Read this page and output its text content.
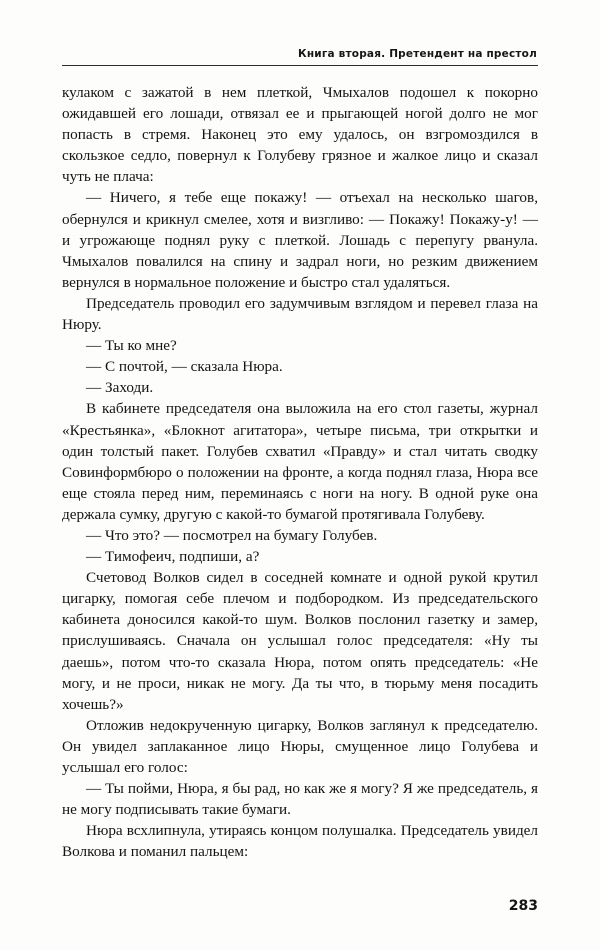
Книга вторая. Претендент на престол

кулаком с зажатой в нем плеткой, Чмыхалов подошел к покорно ожидавшей его лошади, отвязал ее и прыгающей ногой долго не мог попасть в стремя. Наконец это ему удалось, он взгромоздился в скользкое седло, повернул к Голубеву грязное и жалкое лицо и сказал чуть не плача:

— Ничего, я тебе еще покажу! — отъехал на несколько шагов, обернулся и крикнул смелее, хотя и визгливо: — Покажу! Покажу-у! — и угрожающе поднял руку с плеткой. Лошадь с перепугу рванула. Чмыхалов повалился на спину и задрал ноги, но резким движением вернулся в нормальное положение и быстро стал удаляться.

Председатель проводил его задумчивым взглядом и перевел глаза на Нюру.

— Ты ко мне?

— С почтой, — сказала Нюра.

— Заходи.

В кабинете председателя она выложила на его стол газеты, журнал «Крестьянка», «Блокнот агитатора», четыре письма, три открытки и один толстый пакет. Голубев схватил «Правду» и стал читать сводку Совинформбюро о положении на фронте, а когда поднял глаза, Нюра все еще стояла перед ним, переминаясь с ноги на ногу. В одной руке она держала сумку, другую с какой-то бумагой протягивала Голубеву.

— Что это? — посмотрел на бумагу Голубев.

— Тимофеич, подпиши, а?

Счетовод Волков сидел в соседней комнате и одной рукой крутил цигарку, помогая себе плечом и подбородком. Из председательского кабинета доносился какой-то шум. Волков послонил газетку и замер, прислушиваясь. Сначала он услышал голос председателя: «Ну ты даешь», потом что-то сказала Нюра, потом опять председатель: «Не могу, и не проси, никак не могу. Да ты что, в тюрьму меня посадить хочешь?»

Отложив недокрученную цигарку, Волков заглянул к председателю. Он увидел заплаканное лицо Нюры, смущенное лицо Голубева и услышал его голос:

— Ты пойми, Нюра, я бы рад, но как же я могу? Я же председатель, я не могу подписывать такие бумаги.

Нюра всхлипнула, утираясь концом полушалка. Председатель увидел Волкова и поманил пальцем:

283
